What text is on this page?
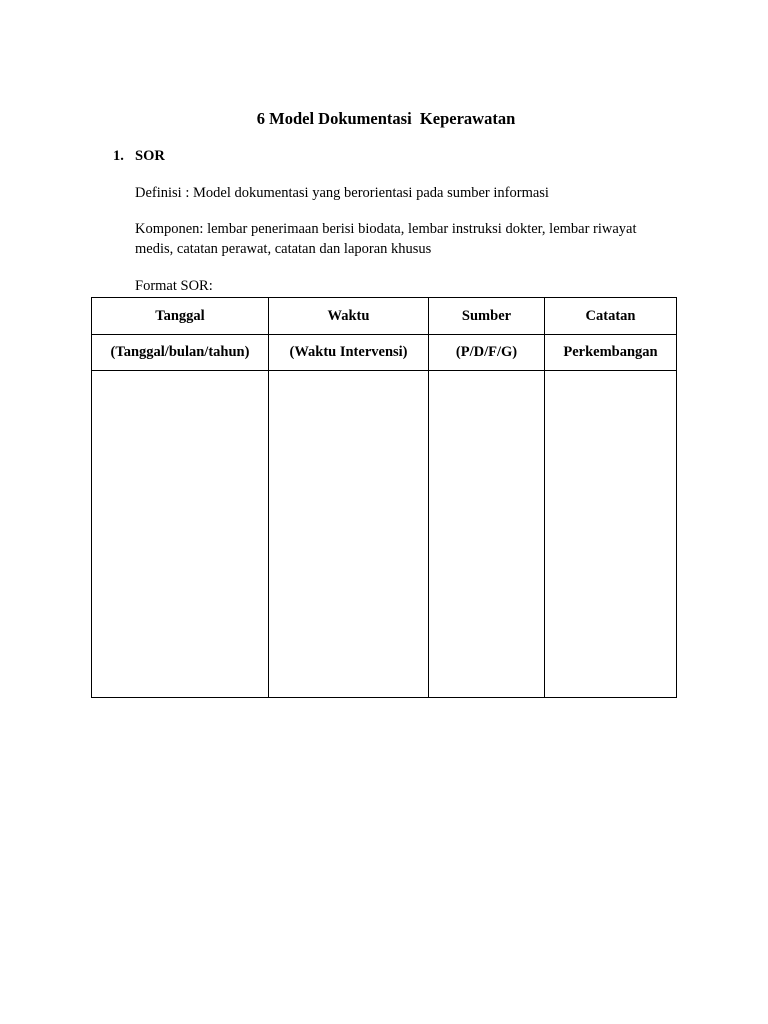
6 Model Dokumentasi  Keperawatan
1. SOR
Definisi : Model dokumentasi yang berorientasi pada sumber informasi
Komponen: lembar penerimaan berisi biodata, lembar instruksi dokter, lembar riwayat medis, catatan perawat, catatan dan laporan khusus
Format SOR:
Tanggal	Waktu	Sumber	Catatan
(Tanggal/bulan/tahun)	(Waktu Intervensi)	(P/D/F/G)	Perkembangan
